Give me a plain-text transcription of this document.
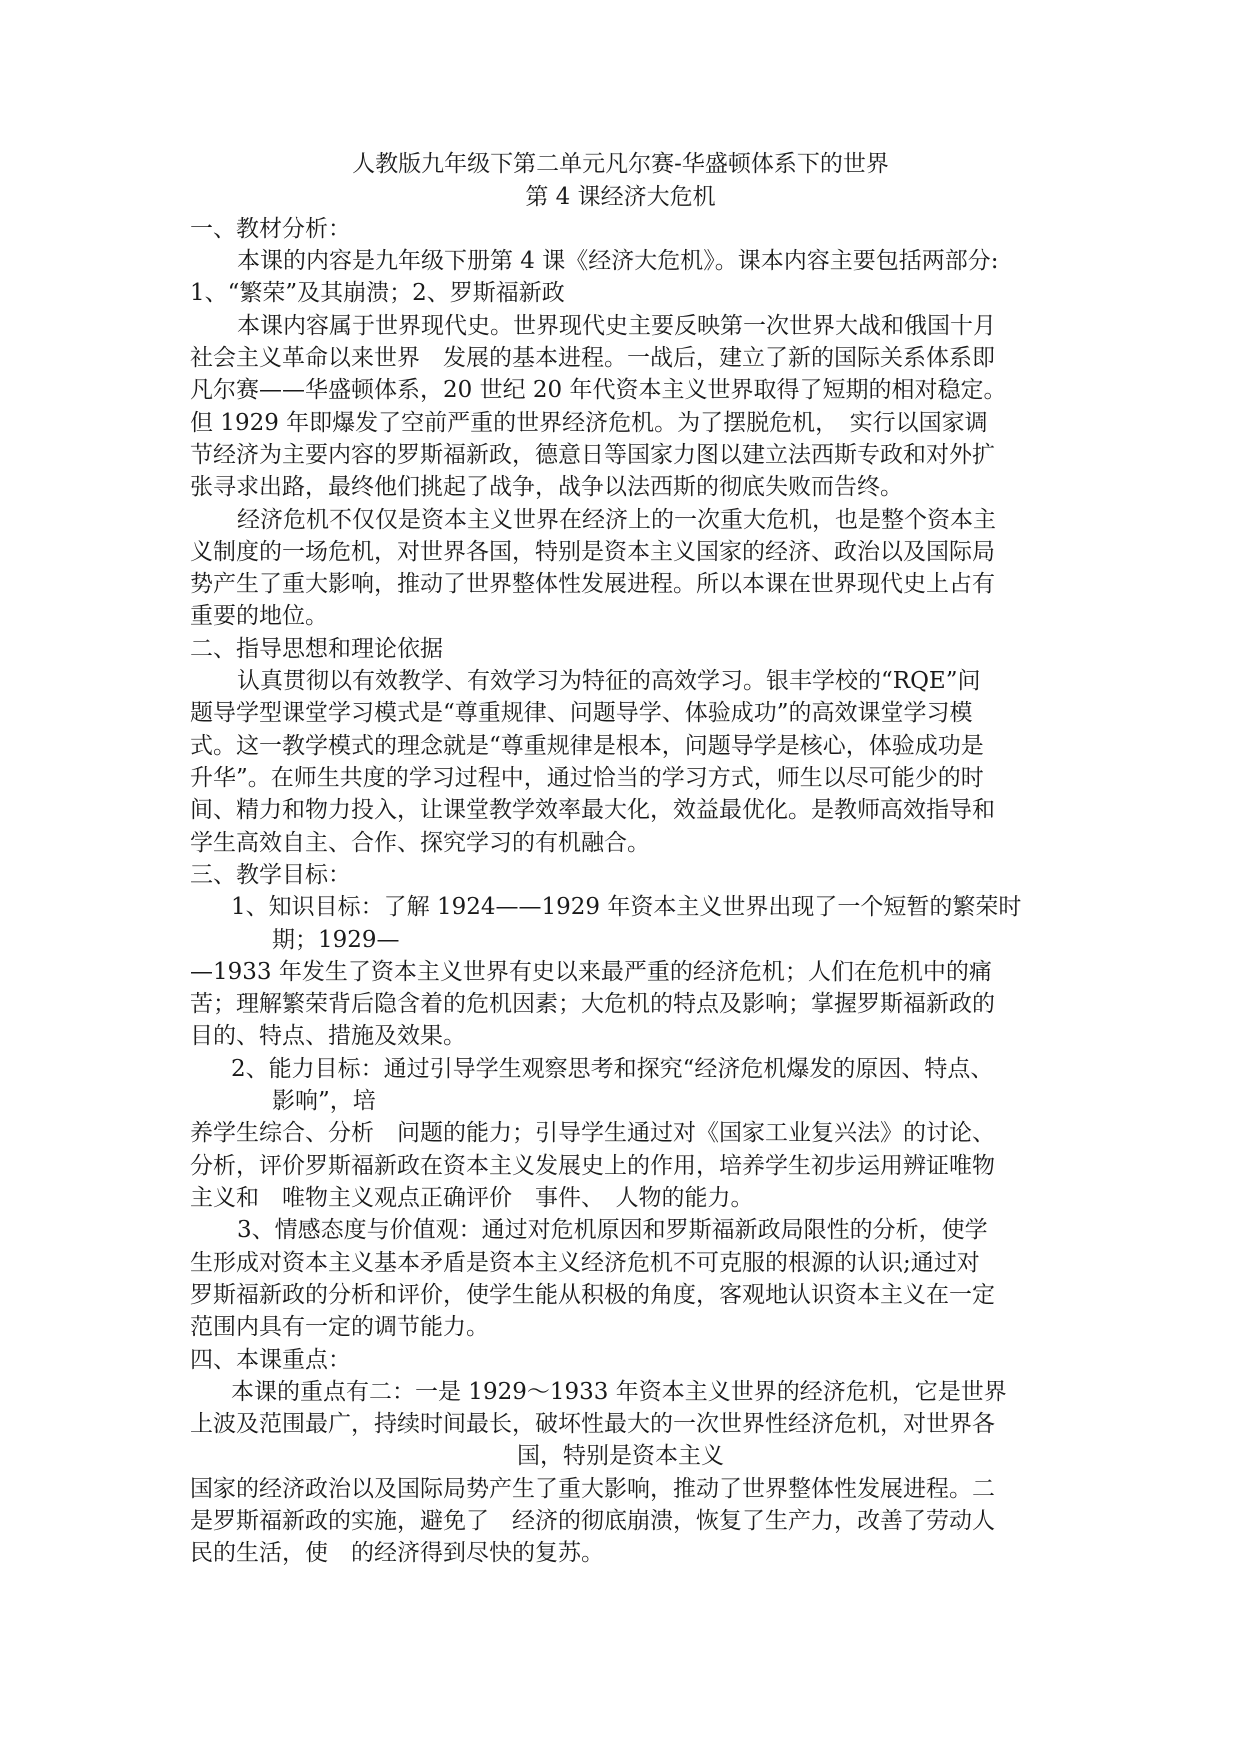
人教版九年级下第二单元凡尔赛-华盛顿体系下的世界
第 4 课经济大危机
一、教材分析：
本课的内容是九年级下册第 4 课《经济大危机》。课本内容主要包括两部分:
1、“繁荣”及其崩溃；2、罗斯福新政
本课内容属于世界现代史。世界现代史主要反映第一次世界大战和俄国十月
社会主义革命以来世界　发展的基本进程。一战后，建立了新的国际关系体系即
凡尔赛——华盛顿体系，20 世纪 20 年代资本主义世界取得了短期的相对稳定。
但 1929 年即爆发了空前严重的世界经济危机。为了摆脱危机，　实行以国家调
节经济为主要内容的罗斯福新政，德意日等国家力图以建立法西斯专政和对外扩
张寻求出路，最终他们挑起了战争，战争以法西斯的彻底失败而告终。
经济危机不仅仅是资本主义世界在经济上的一次重大危机，也是整个资本主
义制度的一场危机，对世界各国，特别是资本主义国家的经济、政治以及国际局
势产生了重大影响，推动了世界整体性发展进程。所以本课在世界现代史上占有
重要的地位。
二、指导思想和理论依据
认真贯彻以有效教学、有效学习为特征的高效学习。银丰学校的“RQE”问
题导学型课堂学习模式是“尊重规律、问题导学、体验成功”的高效课堂学习模
式。这一教学模式的理念就是“尊重规律是根本，问题导学是核心，体验成功是
升华”。在师生共度的学习过程中，通过恰当的学习方式，师生以尽可能少的时
间、精力和物力投入，让课堂教学效率最大化，效益最优化。是教师高效指导和
学生高效自主、合作、探究学习的有机融合。
三、教学目标：
1、知识目标：了解 1924——1929 年资本主义世界出现了一个短暂的繁荣时
期；1929—
—1933 年发生了资本主义世界有史以来最严重的经济危机；人们在危机中的痛
苦；理解繁荣背后隐含着的危机因素；大危机的特点及影响；掌握罗斯福新政的
目的、特点、措施及效果。
2、能力目标：通过引导学生观察思考和探究“经济危机爆发的原因、特点、
影响”，培
养学生综合、分析　问题的能力；引导学生通过对《国家工业复兴法》的讨论、
分析，评价罗斯福新政在资本主义发展史上的作用，培养学生初步运用辨证唯物
主义和　唯物主义观点正确评价　事件、　人物的能力。
3、情感态度与价值观：通过对危机原因和罗斯福新政局限性的分析，使学
生形成对资本主义基本矛盾是资本主义经济危机不可克服的根源的认识;通过对
罗斯福新政的分析和评价，使学生能从积极的角度，客观地认识资本主义在一定
范围内具有一定的调节能力。
四、本课重点：
本课的重点有二：一是 1929～1933 年资本主义世界的经济危机，它是世界
上波及范围最广，持续时间最长，破坏性最大的一次世界性经济危机，对世界各
国，特别是资本主义
国家的经济政治以及国际局势产生了重大影响，推动了世界整体性发展进程。二
是罗斯福新政的实施，避免了　经济的彻底崩溃，恢复了生产力，改善了劳动人
民的生活，使　的经济得到尽快的复苏。
